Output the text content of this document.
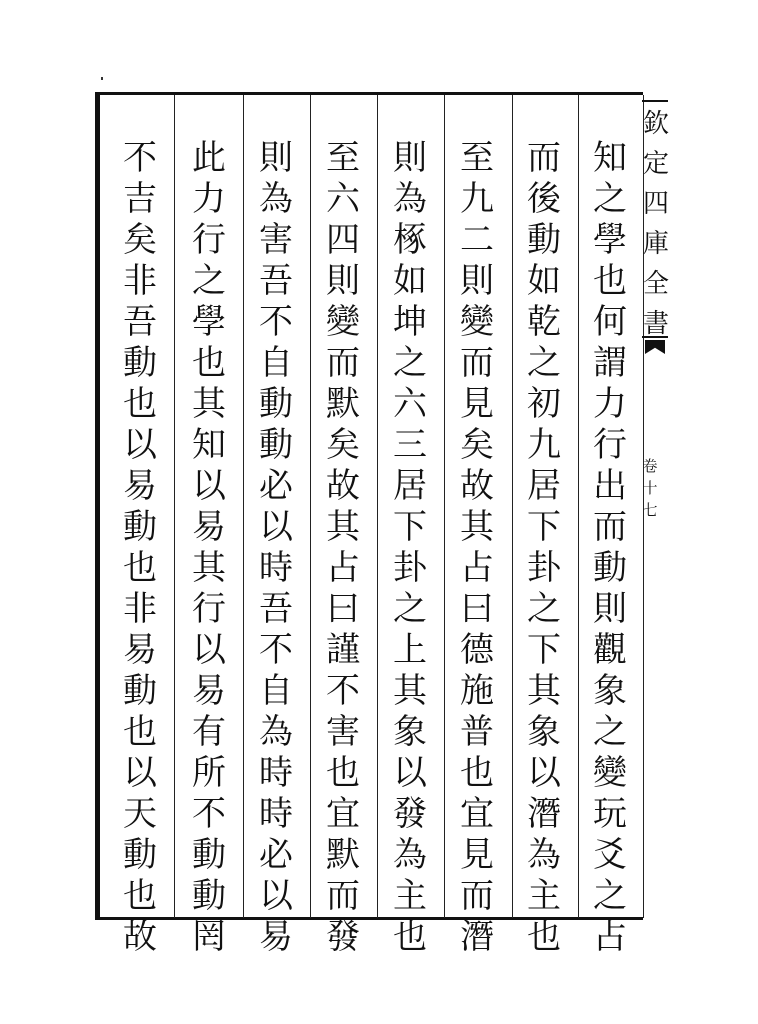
欽
定
四
庫
全
書
卷
十
七
知
之
學
也
何
謂
力
行
出
而
動
則
觀
象
之
變
玩
爻
之
占
而
後
動
如
乾
之
初
九
居
下
卦
之
下
其
象
以
潛
為
主
也
至
九
二
則
變
而
見
矣
故
其
占
曰
德
施
普
也
宜
見
而
潛
則
為
椓
如
坤
之
六
三
居
下
卦
之
上
其
象
以
發
為
主
也
至
六
四
則
變
而
默
矣
故
其
占
曰
謹
不
害
也
宜
默
而
發
則
為
害
吾
不
自
動
動
必
以
時
吾
不
自
為
時
時
必
以
易
此
力
行
之
學
也
其
知
以
易
其
行
以
易
有
所
不
動
動
罔
不
吉
矣
非
吾
動
也
以
易
動
也
非
易
動
也
以
天
動
也
故
